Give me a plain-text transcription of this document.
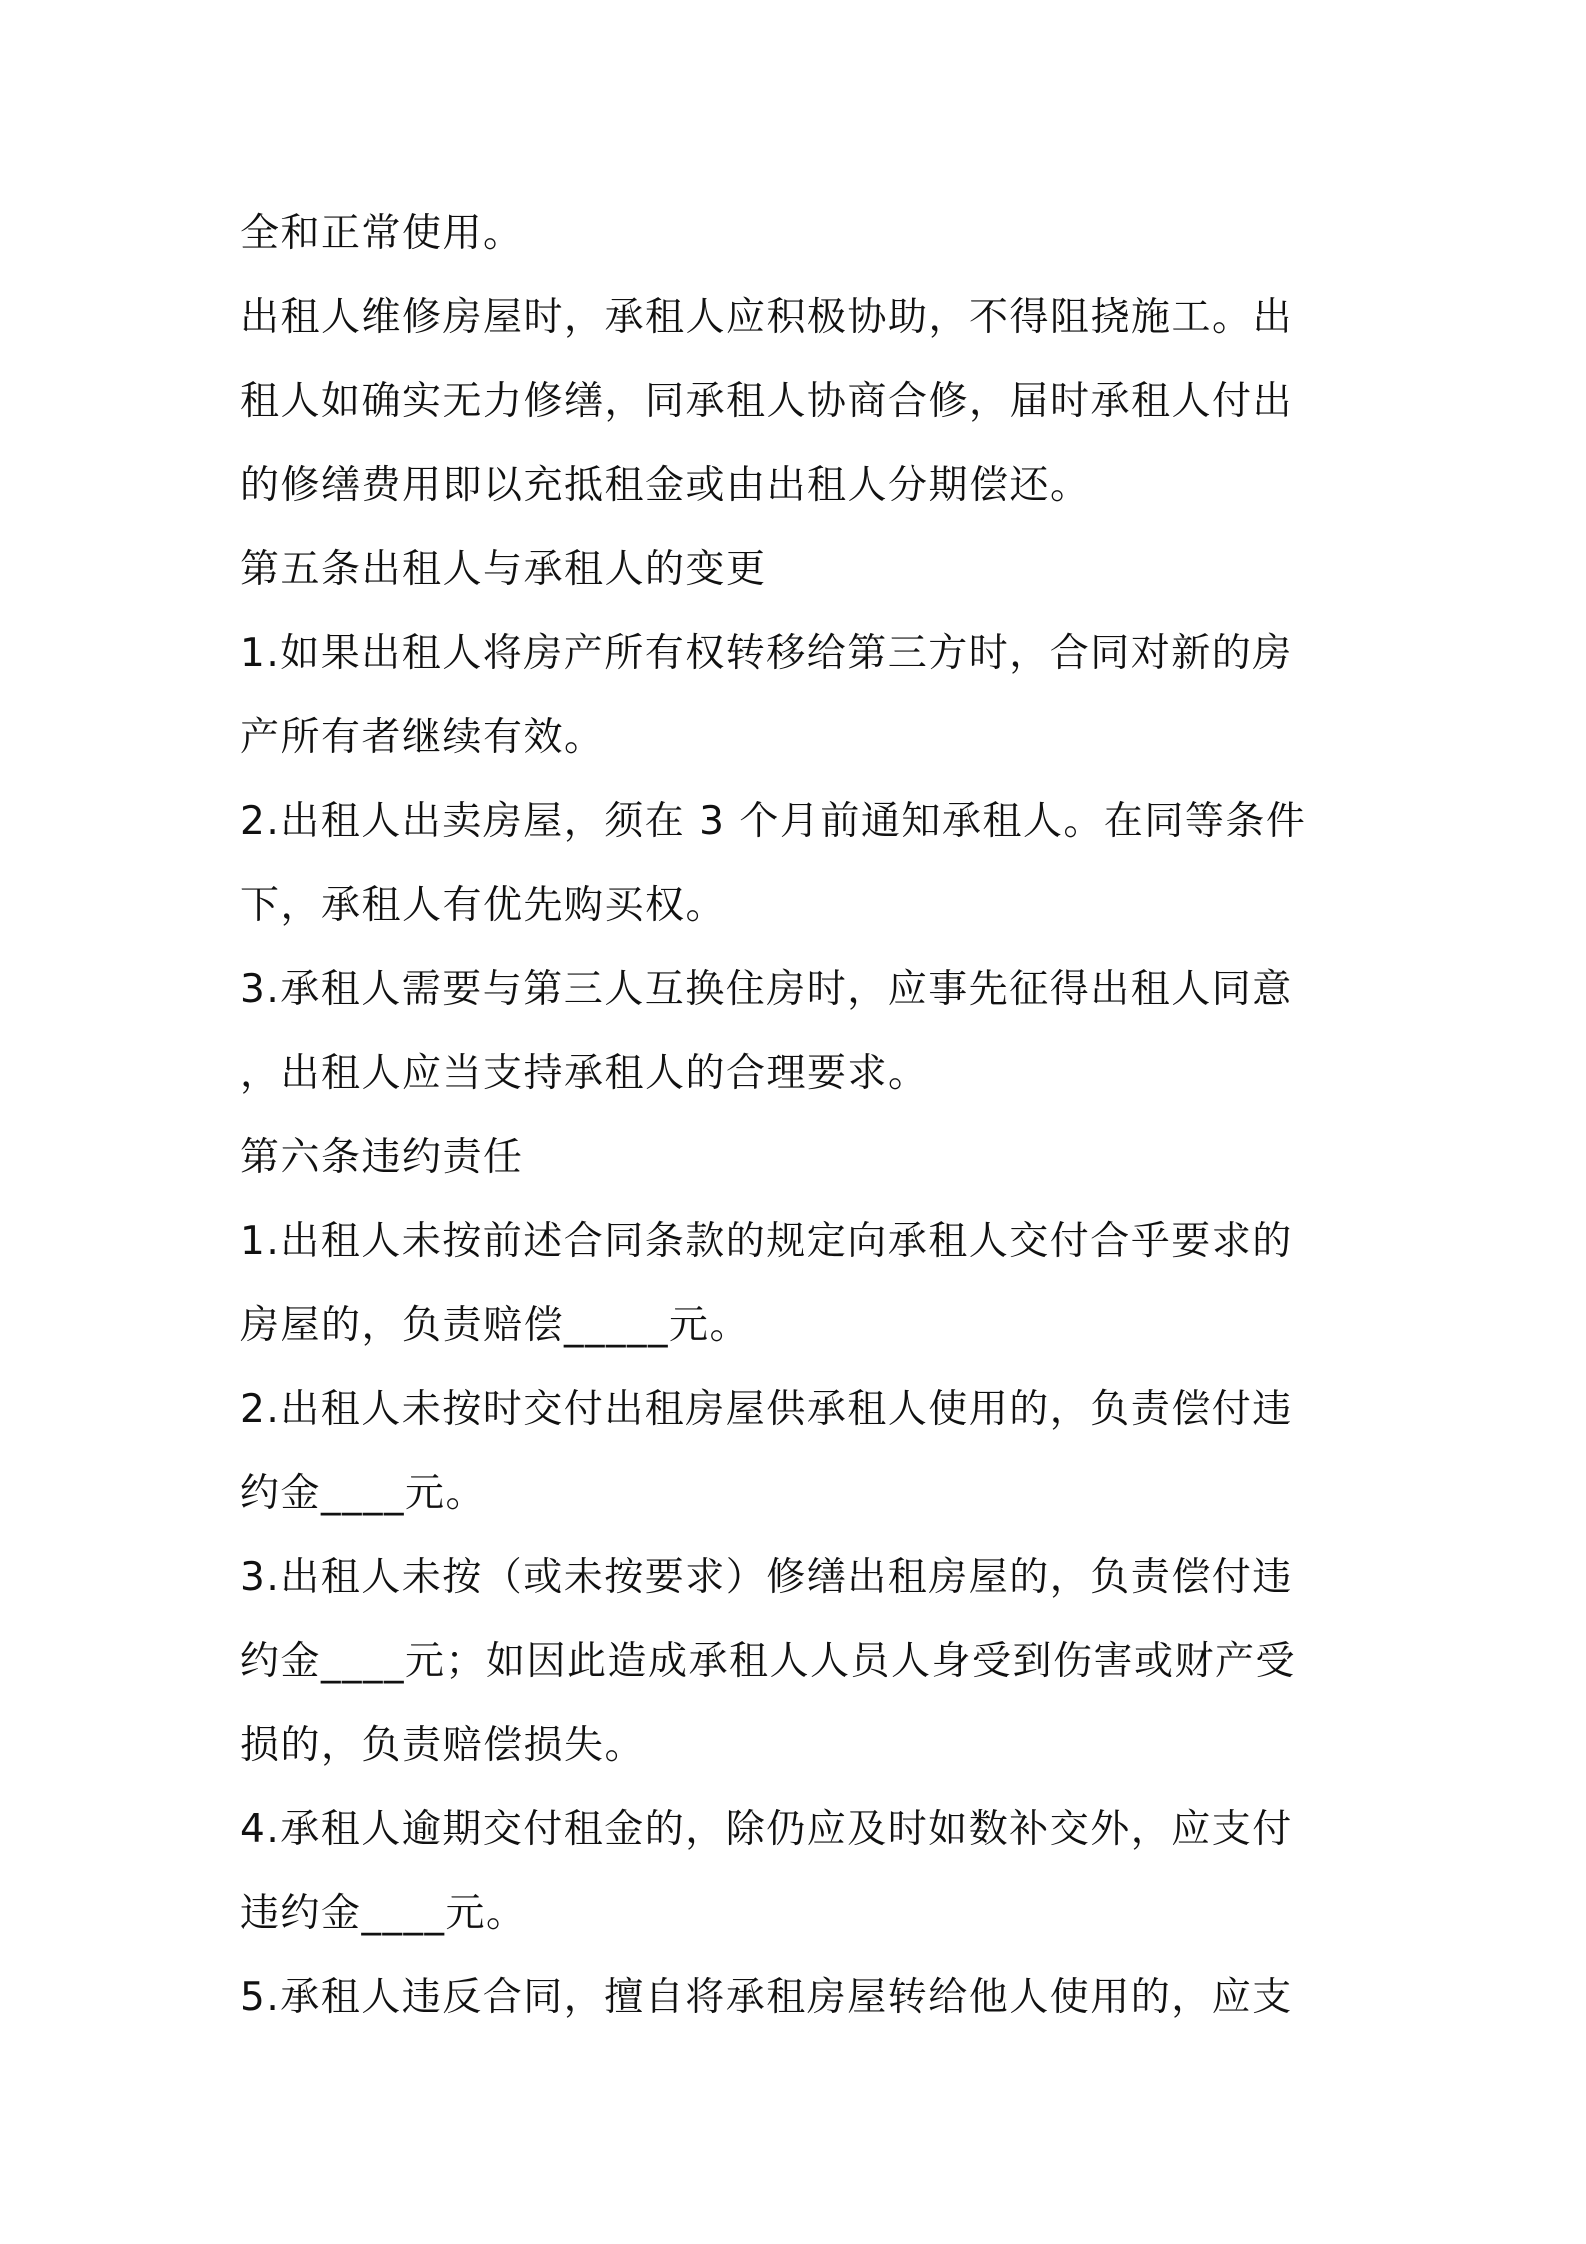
全和正常使用。
出租人维修房屋时，承租人应积极协助，不得阻挠施工。出
租人如确实无力修缮，同承租人协商合修，届时承租人付出
的修缮费用即以充抵租金或由出租人分期偿还。
第五条出租人与承租人的变更
1.如果出租人将房产所有权转移给第三方时，合同对新的房
产所有者继续有效。
2.出租人出卖房屋，须在 3 个月前通知承租人。在同等条件
下，承租人有优先购买权。
3.承租人需要与第三人互换住房时，应事先征得出租人同意
，出租人应当支持承租人的合理要求。
第六条违约责任
1.出租人未按前述合同条款的规定向承租人交付合乎要求的
房屋的，负责赔偿_____元。
2.出租人未按时交付出租房屋供承租人使用的，负责偿付违
约金____元。
3.出租人未按（或未按要求）修缮出租房屋的，负责偿付违
约金____元；如因此造成承租人人员人身受到伤害或财产受
损的，负责赔偿损失。
4.承租人逾期交付租金的，除仍应及时如数补交外，应支付
违约金____元。
5.承租人违反合同，擅自将承租房屋转给他人使用的，应支
